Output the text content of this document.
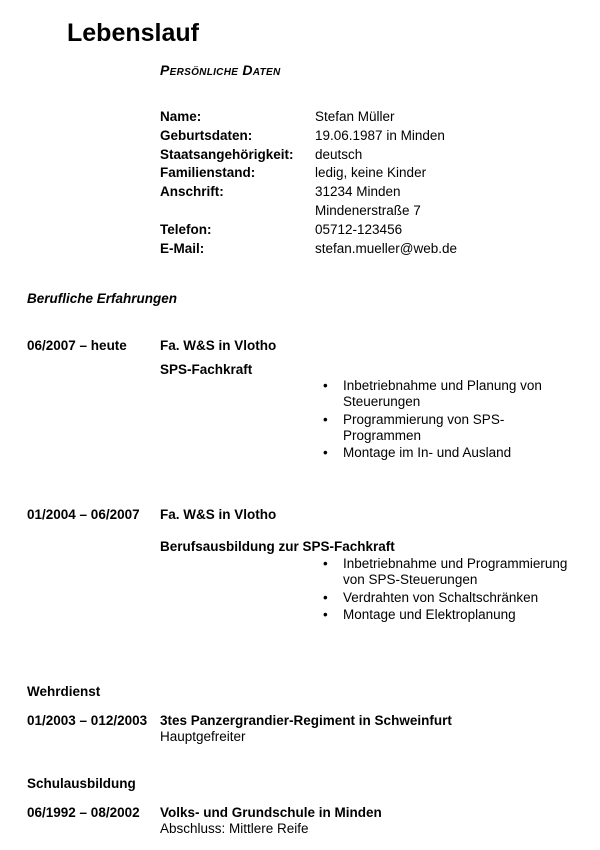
Lebenslauf
Persönliche Daten
Name:	Stefan Müller
Geburtsdaten:	19.06.1987 in Minden
Staatsangehörigkeit:	deutsch
Familienstand:	ledig, keine Kinder
Anschrift:	31234 Minden
Mindenerstraße 7
Telefon:	05712-123456
E-Mail:	stefan.mueller@web.de
Berufliche Erfahrungen
06/2007 – heute Fa. W&S in Vlotho
SPS-Fachkraft
• Inbetriebnahme und Planung von Steuerungen
• Programmierung von SPS-Programmen
• Montage im In- und Ausland
01/2004 – 06/2007 Fa. W&S in Vlotho
Berufsausbildung zur SPS-Fachkraft
• Inbetriebnahme und Programmierung von SPS-Steuerungen
• Verdrahten von Schaltschränken
• Montage und Elektroplanung
Wehrdienst
01/2003 – 012/2003 3tes Panzergrandier-Regiment in Schweinfurt
Hauptgefreiter
Schulausbildung
06/1992 – 08/2002 Volks- und Grundschule in Minden
Abschluss: Mittlere Reife
